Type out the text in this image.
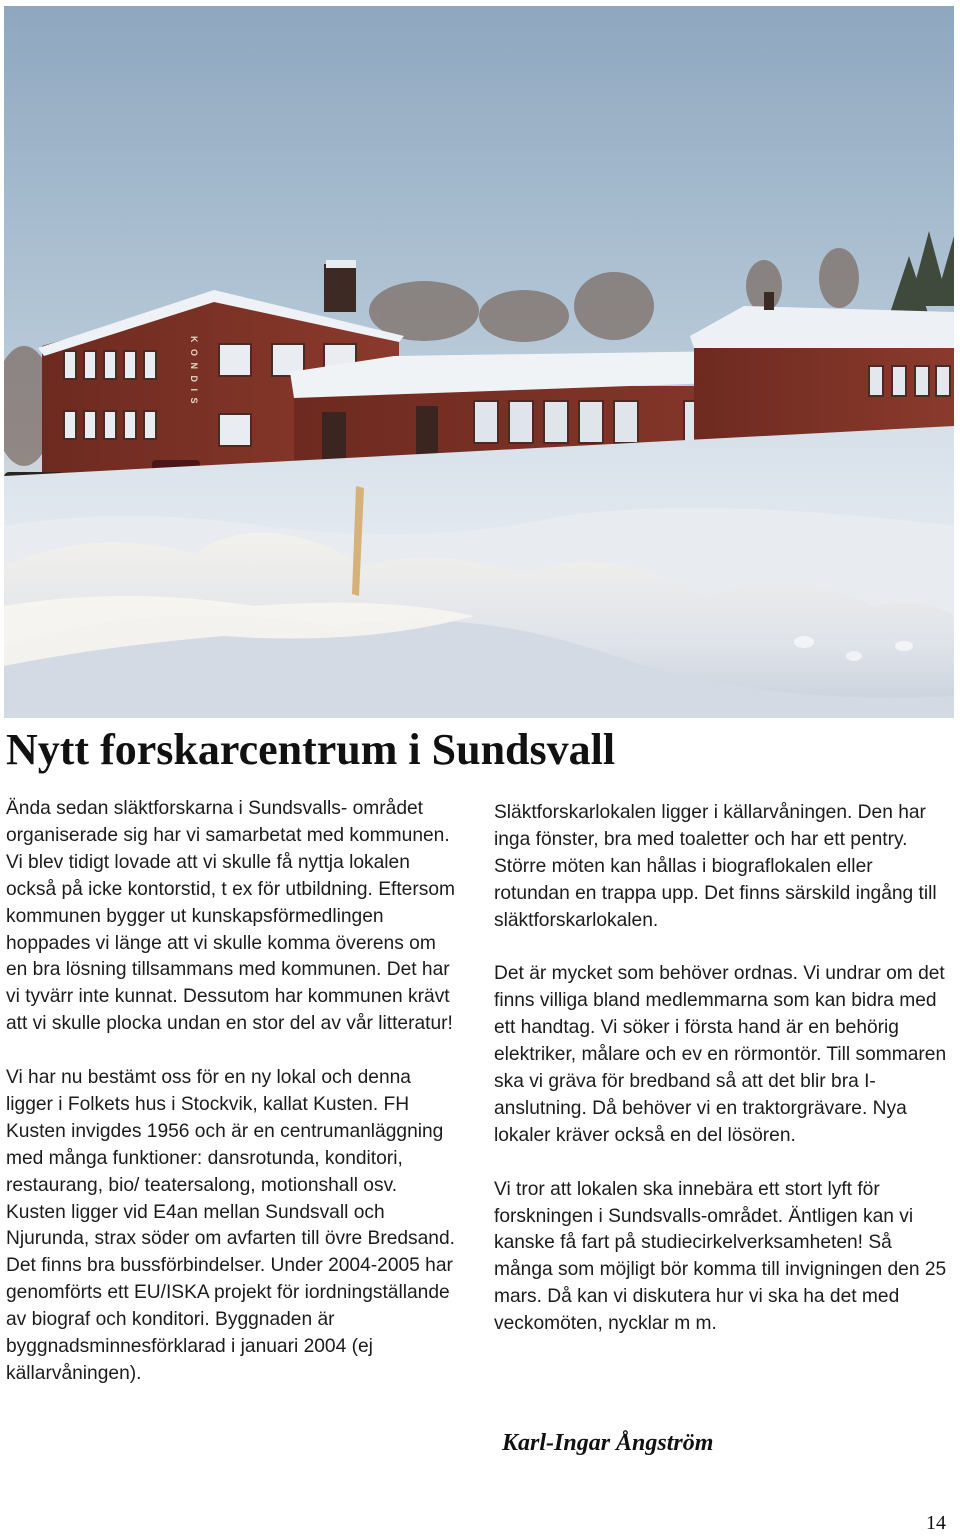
K O N D I S
Nytt forskarcentrum i Sundsvall

Ända sedan släktforskarna i Sundsvalls- området organiserade sig har vi samarbetat med kommunen. Vi blev tidigt lovade att vi skulle få nyttja lokalen också på icke kontorstid, t ex för utbildning. Eftersom kommunen bygger ut kunskapsförmedlingen hoppades vi länge att vi skulle komma överens om en bra lösning tillsammans med kommunen. Det har vi tyvärr inte kunnat. Dessutom har kommunen krävt att vi skulle plocka undan en stor del av vår litteratur!

Vi har nu bestämt oss för en ny lokal och denna ligger i Folkets hus i Stockvik, kallat Kusten. FH Kusten invigdes 1956 och är en centrumanläggning med många funktioner: dansrotunda, konditori, restaurang, bio/ teatersalong, motionshall osv. Kusten ligger vid E4an mellan Sundsvall och Njurunda, strax söder om avfarten till övre Bredsand. Det finns bra bussförbindelser. Under 2004-2005 har genomförts ett EU/ISKA projekt för iordningställande av biograf och konditori. Byggnaden är byggnadsminnesförklarad i januari 2004 (ej källarvåningen).

Släktforskarlokalen ligger i källarvåningen. Den har inga fönster, bra med toaletter och har ett pentry. Större möten kan hållas i biograflokalen eller rotundan en trappa upp. Det finns särskild ingång till släktforskarlokalen.

Det är mycket som behöver ordnas. Vi undrar om det finns villiga bland medlemmarna som kan bidra med ett handtag. Vi söker i första hand är en behörig elektriker, målare och ev en rörmontör. Till sommaren ska vi gräva för bredband så att det blir bra I-anslutning. Då behöver vi en traktorgrävare. Nya lokaler kräver också en del lösören.

Vi tror att lokalen ska innebära ett stort lyft för forskningen i Sundsvalls-området. Äntligen kan vi kanske få fart på studiecirkelverksamheten! Så många som möjligt bör komma till invigningen den 25 mars. Då kan vi diskutera hur vi ska ha det med veckomöten, nycklar m m.

Karl-Ingar Ångström
14
